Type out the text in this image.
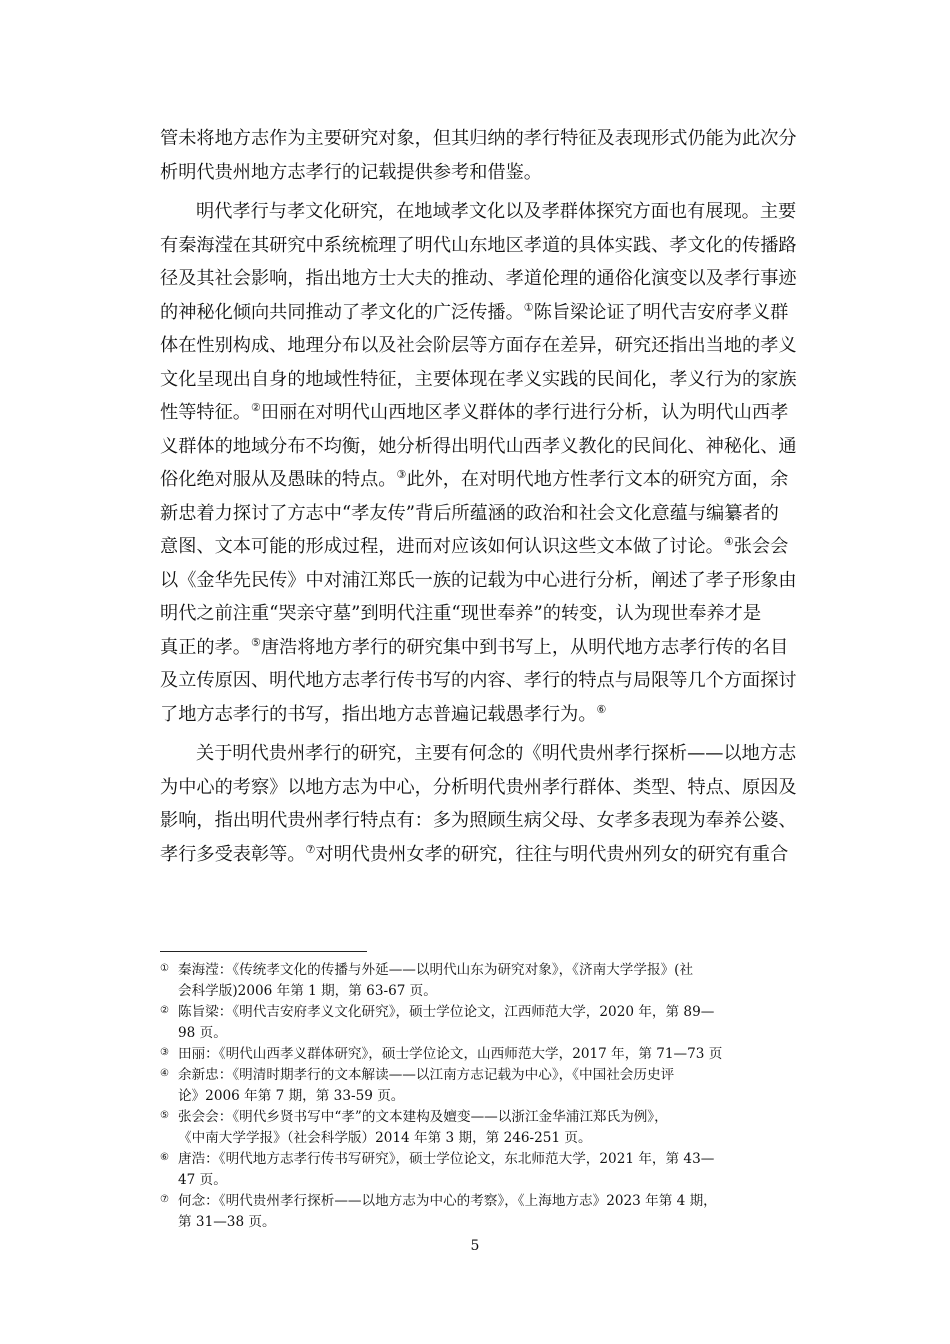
管未将地方志作为主要研究对象，但其归纳的孝行特征及表现形式仍能为此次分
析明代贵州地方志孝行的记载提供参考和借鉴。
明代孝行与孝文化研究，在地域孝文化以及孝群体探究方面也有展现。主要
有秦海滢在其研究中系统梳理了明代山东地区孝道的具体实践、孝文化的传播路
径及其社会影响，指出地方士大夫的推动、孝道伦理的通俗化演变以及孝行事迹
的神秘化倾向共同推动了孝文化的广泛传播。①陈旨梁论证了明代吉安府孝义群
体在性别构成、地理分布以及社会阶层等方面存在差异，研究还指出当地的孝义
文化呈现出自身的地域性特征，主要体现在孝义实践的民间化，孝义行为的家族
性等特征。②田丽在对明代山西地区孝义群体的孝行进行分析，认为明代山西孝
义群体的地域分布不均衡，她分析得出明代山西孝义教化的民间化、神秘化、通
俗化绝对服从及愚昧的特点。③此外，在对明代地方性孝行文本的研究方面，余
新忠着力探讨了方志中“孝友传”背后所蕴涵的政治和社会文化意蕴与编纂者的
意图、文本可能的形成过程，进而对应该如何认识这些文本做了讨论。④张会会
以《金华先民传》中对浦江郑氏一族的记载为中心进行分析，阐述了孝子形象由
明代之前注重“哭亲守墓”到明代注重“现世奉养”的转变，认为现世奉养才是
真正的孝。⑤唐浩将地方孝行的研究集中到书写上，从明代地方志孝行传的名目
及立传原因、明代地方志孝行传书写的内容、孝行的特点与局限等几个方面探讨
了地方志孝行的书写，指出地方志普遍记载愚孝行为。⑥
关于明代贵州孝行的研究，主要有何念的《明代贵州孝行探析——以地方志
为中心的考察》以地方志为中心，分析明代贵州孝行群体、类型、特点、原因及
影响，指出明代贵州孝行特点有：多为照顾生病父母、女孝多表现为奉养公婆、
孝行多受表彰等。⑦对明代贵州女孝的研究，往往与明代贵州列女的研究有重合
① 秦海滢：《传统孝文化的传播与外延——以明代山东为研究对象》，《济南大学学报》(社
会科学版)2006 年第 1 期，第 63-67 页。
② 陈旨梁：《明代吉安府孝义文化研究》，硕士学位论文，江西师范大学，2020 年，第 89—
98 页。
③ 田丽：《明代山西孝义群体研究》，硕士学位论文，山西师范大学，2017 年，第 71—73 页
④ 余新忠：《明清时期孝行的文本解读——以江南方志记载为中心》，《中国社会历史评
论》2006 年第 7 期，第 33-59 页。
⑤ 张会会：《明代乡贤书写中“孝”的文本建构及嬗变——以浙江金华浦江郑氏为例》，
《中南大学学报》（社会科学版）2014 年第 3 期，第 246-251 页。
⑥ 唐浩：《明代地方志孝行传书写研究》，硕士学位论文，东北师范大学，2021 年，第 43—
47 页。
⑦ 何念：《明代贵州孝行探析——以地方志为中心的考察》，《上海地方志》2023 年第 4 期，
第 31—38 页。
5
